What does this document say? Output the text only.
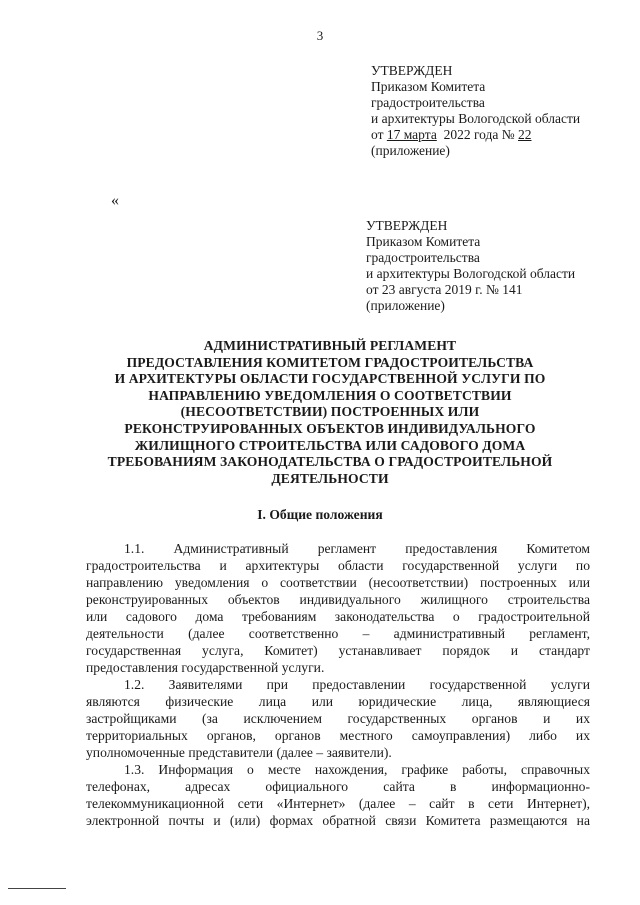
3
УТВЕРЖДЕН
Приказом Комитета
градостроительства
и архитектуры Вологодской области
от 17 марта  2022 года № 22
(приложение)
«
УТВЕРЖДЕН
Приказом Комитета
градостроительства
и архитектуры Вологодской области
от 23 августа 2019 г. № 141
(приложение)
АДМИНИСТРАТИВНЫЙ РЕГЛАМЕНТ
ПРЕДОСТАВЛЕНИЯ КОМИТЕТОМ ГРАДОСТРОИТЕЛЬСТВА
И АРХИТЕКТУРЫ ОБЛАСТИ ГОСУДАРСТВЕННОЙ УСЛУГИ ПО
НАПРАВЛЕНИЮ УВЕДОМЛЕНИЯ О СООТВЕТСТВИИ
(НЕСООТВЕТСТВИИ) ПОСТРОЕННЫХ ИЛИ
РЕКОНСТРУИРОВАННЫХ ОБЪЕКТОВ ИНДИВИДУАЛЬНОГО
ЖИЛИЩНОГО СТРОИТЕЛЬСТВА ИЛИ САДОВОГО ДОМА
ТРЕБОВАНИЯМ ЗАКОНОДАТЕЛЬСТВА О ГРАДОСТРОИТЕЛЬНОЙ
ДЕЯТЕЛЬНОСТИ
I. Общие положения
1.1. Административный регламент предоставления Комитетом
градостроительства и архитектуры области государственной услуги по
направлению уведомления о соответствии (несоответствии) построенных или
реконструированных объектов индивидуального жилищного строительства
или садового дома требованиям законодательства о градостроительной
деятельности (далее соответственно – административный регламент,
государственная услуга, Комитет) устанавливает порядок и стандарт
предоставления государственной услуги.
1.2. Заявителями при предоставлении государственной услуги
являются физические лица или юридические лица, являющиеся
застройщиками (за исключением государственных органов и их
территориальных органов, органов местного самоуправления) либо их
уполномоченные представители (далее – заявители).
1.3. Информация о месте нахождения, графике работы, справочных
телефонах, адресах официального сайта в информационно-
телекоммуникационной сети «Интернет» (далее – сайт в сети Интернет),
электронной почты и (или) формах обратной связи Комитета размещаются на
